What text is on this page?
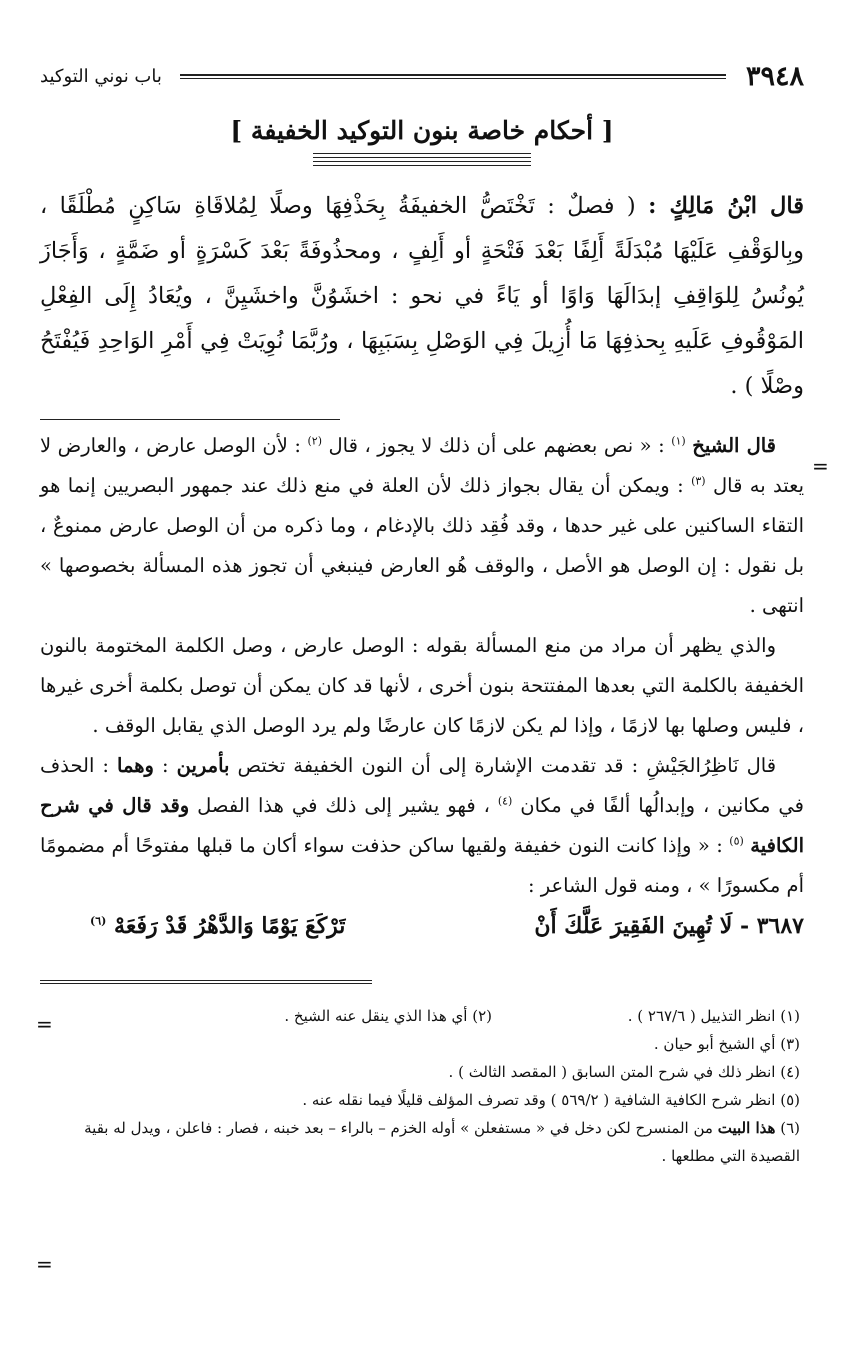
٣٩٤٨
باب نوني التوكيد
[ أحكام خاصة بنون التوكيد الخفيفة ]
قال ابْنُ مَالِكٍ : ( فصلٌ : تَخْتَصُّ الخفيفَةُ بِحَذْفِهَا وصلًا لِمُلاقَاةِ سَاكِنٍ مُطْلَقًا ، وبِالوَقْفِ عَلَيْهَا مُبْدَلَةً أَلِفًا بَعْدَ فَتْحَةٍ أو أَلِفٍ ، ومحذُوفَةً بَعْدَ كَسْرَةٍ أو ضَمَّةٍ ، وَأَجَازَ يُونُسُ لِلوَاقِفِ إبدَالَهَا وَاوًا أو يَاءً في نحو : اخشَوُنَّ واخشَيِنَّ ، ويُعَادُ إِلَى الفِعْلِ المَوْقُوفِ عَلَيهِ بِحذفِهَا مَا أُزِيلَ فِي الوَصْلِ بِسَبَبِهَا ، ورُبَّمَا نُوِيَتْ فِي أَمْرِ الوَاحِدِ فَيُفْتَحُ وصْلًا ) .

قال الشيخ $^{(١)}$ : « نص بعضهم على أن ذلك لا يجوز ، قال $^{(٢)}$ : لأن الوصل عارض ، والعارض لا يعتد به قال $^{(٣)}$ : ويمكن أن يقال بجواز ذلك لأن العلة في منع ذلك عند جمهور البصريين إنما هو التقاء الساكنين على غير حدها ، وقد فُقِد ذلك بالإدغام ، وما ذكره من أن الوصل عارض ممنوعٌ ، بل نقول : إن الوصل هو الأصل ، والوقف هُو العارض فينبغي أن تجوز هذه المسألة بخصوصها » انتهى .

والذي يظهر أن مراد من منع المسألة بقوله : الوصل عارض ، وصل الكلمة المختومة بالنون الخفيفة بالكلمة التي بعدها المفتتحة بنون أخرى ، لأنها قد كان يمكن أن توصل بكلمة أخرى غيرها ، فليس وصلها بها لازمًا ، وإذا لم يكن لازمًا كان عارضًا ولم يرد الوصل الذي يقابل الوقف .

قال نَاظِرُالجَيْشِ : قد تقدمت الإشارة إلى أن النون الخفيفة تختص بأمرين : وهما : الحذف في مكانين ، وإبدالُها ألفًا في مكان $^{(٤)}$ ، فهو يشير إلى ذلك في هذا الفصل وقد قال في شرح الكافية $^{(٥)}$ : « وإذا كانت النون خفيفة ولقيها ساكن حذفت سواء أكان ما قبلها مفتوحًا أم مضمومًا أم مكسورًا » ، ومنه قول الشاعر :

٣٦٨٧ - لَا تُهِينَ الفَقِيرَ عَلَّكَ أَنْ
تَرْكَعَ يَوْمًا وَالدَّهْرُ قَدْ رَفَعَهْ $^{(٦)}$
(١) انظر التذييل ( ٢٦٧/٦ ) .
(٢) أي هذا الذي ينقل عنه الشيخ .
(٣) أي الشيخ أبو حيان .
(٤) انظر ذلك في شرح المتن السابق ( المقصد الثالث ) .
(٥) انظر شرح الكافية الشافية ( ٥٦٩/٢ ) وقد تصرف المؤلف قليلًا فيما نقله عنه .
(٦) هذا البيت من المنسرح لكن دخل في « مستفعلن » أوله الخزم – بالراء – بعد خبنه ، فصار : فاعلن ، ويدل له بقية القصيدة التي مطلعها .
=
=
=
